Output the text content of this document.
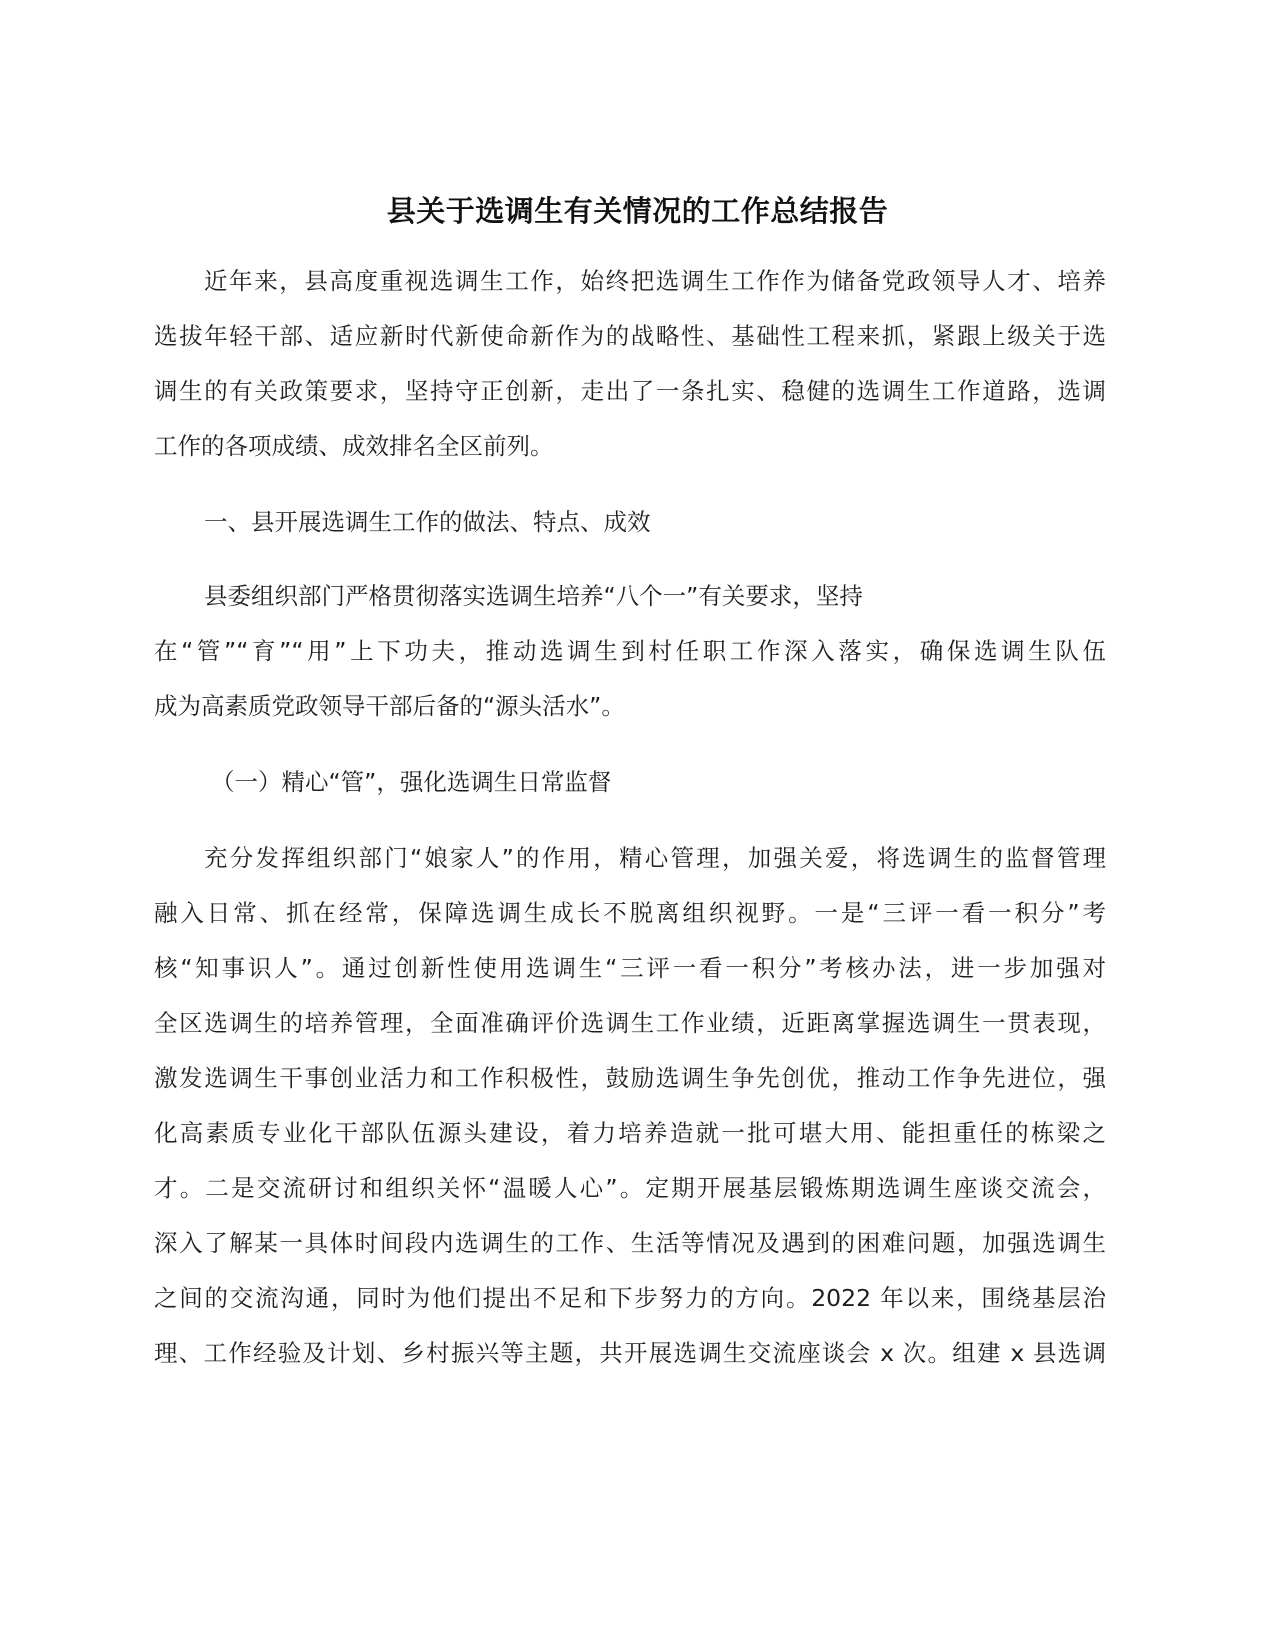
县关于选调生有关情况的工作总结报告
近年来，县高度重视选调生工作，始终把选调生工作作为储备党政领导人才、培养
选拔年轻干部、适应新时代新使命新作为的战略性、基础性工程来抓，紧跟上级关于选
调生的有关政策要求，坚持守正创新，走出了一条扎实、稳健的选调生工作道路，选调
工作的各项成绩、成效排名全区前列。
一、县开展选调生工作的做法、特点、成效
县委组织部门严格贯彻落实选调生培养“八个一”有关要求，坚持
在“管”“育”“用”上下功夫，推动选调生到村任职工作深入落实，确保选调生队伍
成为高素质党政领导干部后备的“源头活水”。
（一）精心“管”，强化选调生日常监督
充分发挥组织部门“娘家人”的作用，精心管理，加强关爱，将选调生的监督管理
融入日常、抓在经常，保障选调生成长不脱离组织视野。一是“三评一看一积分”考
核“知事识人”。通过创新性使用选调生“三评一看一积分”考核办法，进一步加强对
全区选调生的培养管理，全面准确评价选调生工作业绩，近距离掌握选调生一贯表现，
激发选调生干事创业活力和工作积极性，鼓励选调生争先创优，推动工作争先进位，强
化高素质专业化干部队伍源头建设，着力培养造就一批可堪大用、能担重任的栋梁之
才。二是交流研讨和组织关怀“温暖人心”。定期开展基层锻炼期选调生座谈交流会，
深入了解某一具体时间段内选调生的工作、生活等情况及遇到的困难问题，加强选调生
之间的交流沟通，同时为他们提出不足和下步努力的方向。2022 年以来，围绕基层治
理、工作经验及计划、乡村振兴等主题，共开展选调生交流座谈会 x 次。组建 x 县选调
